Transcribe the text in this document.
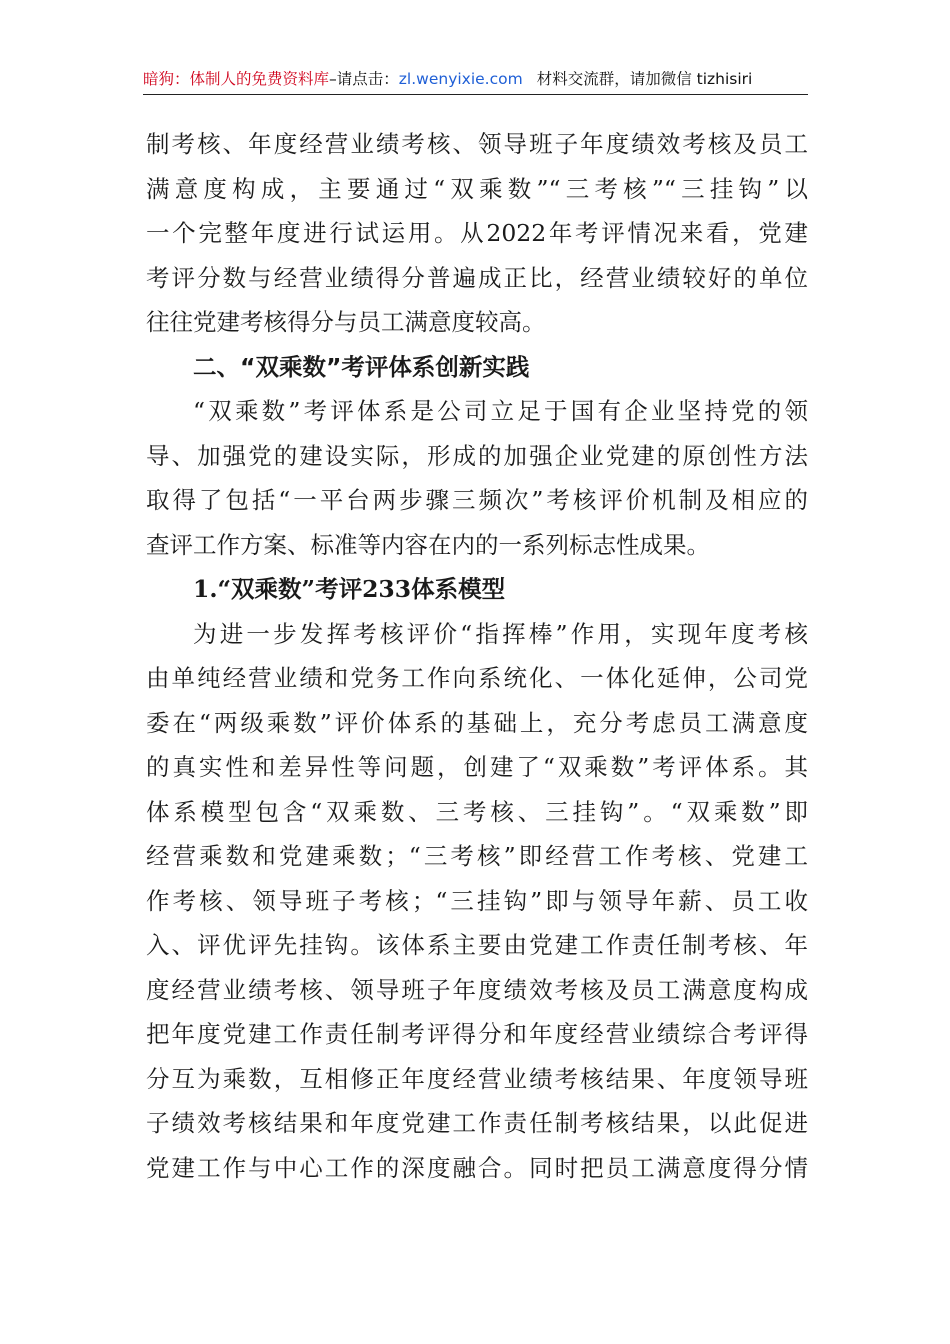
暗狗：体制人的免费资料库–请点击：zl.wenyixie.com 材料交流群，请加微信 tizhisiri
制考核、年度经营业绩考核、领导班子年度绩效考核及员工
满意度构成，主要通过“双乘数”“三考核”“三挂钩”以
一个完整年度进行试运用。从2022年考评情况来看，党建
考评分数与经营业绩得分普遍成正比，经营业绩较好的单位
往往党建考核得分与员工满意度较高。
二、“双乘数”考评体系创新实践
“双乘数”考评体系是公司立足于国有企业坚持党的领
导、加强党的建设实际，形成的加强企业党建的原创性方法
取得了包括“一平台两步骤三频次”考核评价机制及相应的
查评工作方案、标准等内容在内的一系列标志性成果。
1.“双乘数”考评233体系模型
为进一步发挥考核评价“指挥棒”作用，实现年度考核
由单纯经营业绩和党务工作向系统化、一体化延伸，公司党
委在“两级乘数”评价体系的基础上，充分考虑员工满意度
的真实性和差异性等问题，创建了“双乘数”考评体系。其
体系模型包含“双乘数、三考核、三挂钩”。“双乘数”即
经营乘数和党建乘数；“三考核”即经营工作考核、党建工
作考核、领导班子考核；“三挂钩”即与领导年薪、员工收
入、评优评先挂钩。该体系主要由党建工作责任制考核、年
度经营业绩考核、领导班子年度绩效考核及员工满意度构成
把年度党建工作责任制考评得分和年度经营业绩综合考评得
分互为乘数，互相修正年度经营业绩考核结果、年度领导班
子绩效考核结果和年度党建工作责任制考核结果，以此促进
党建工作与中心工作的深度融合。同时把员工满意度得分情
